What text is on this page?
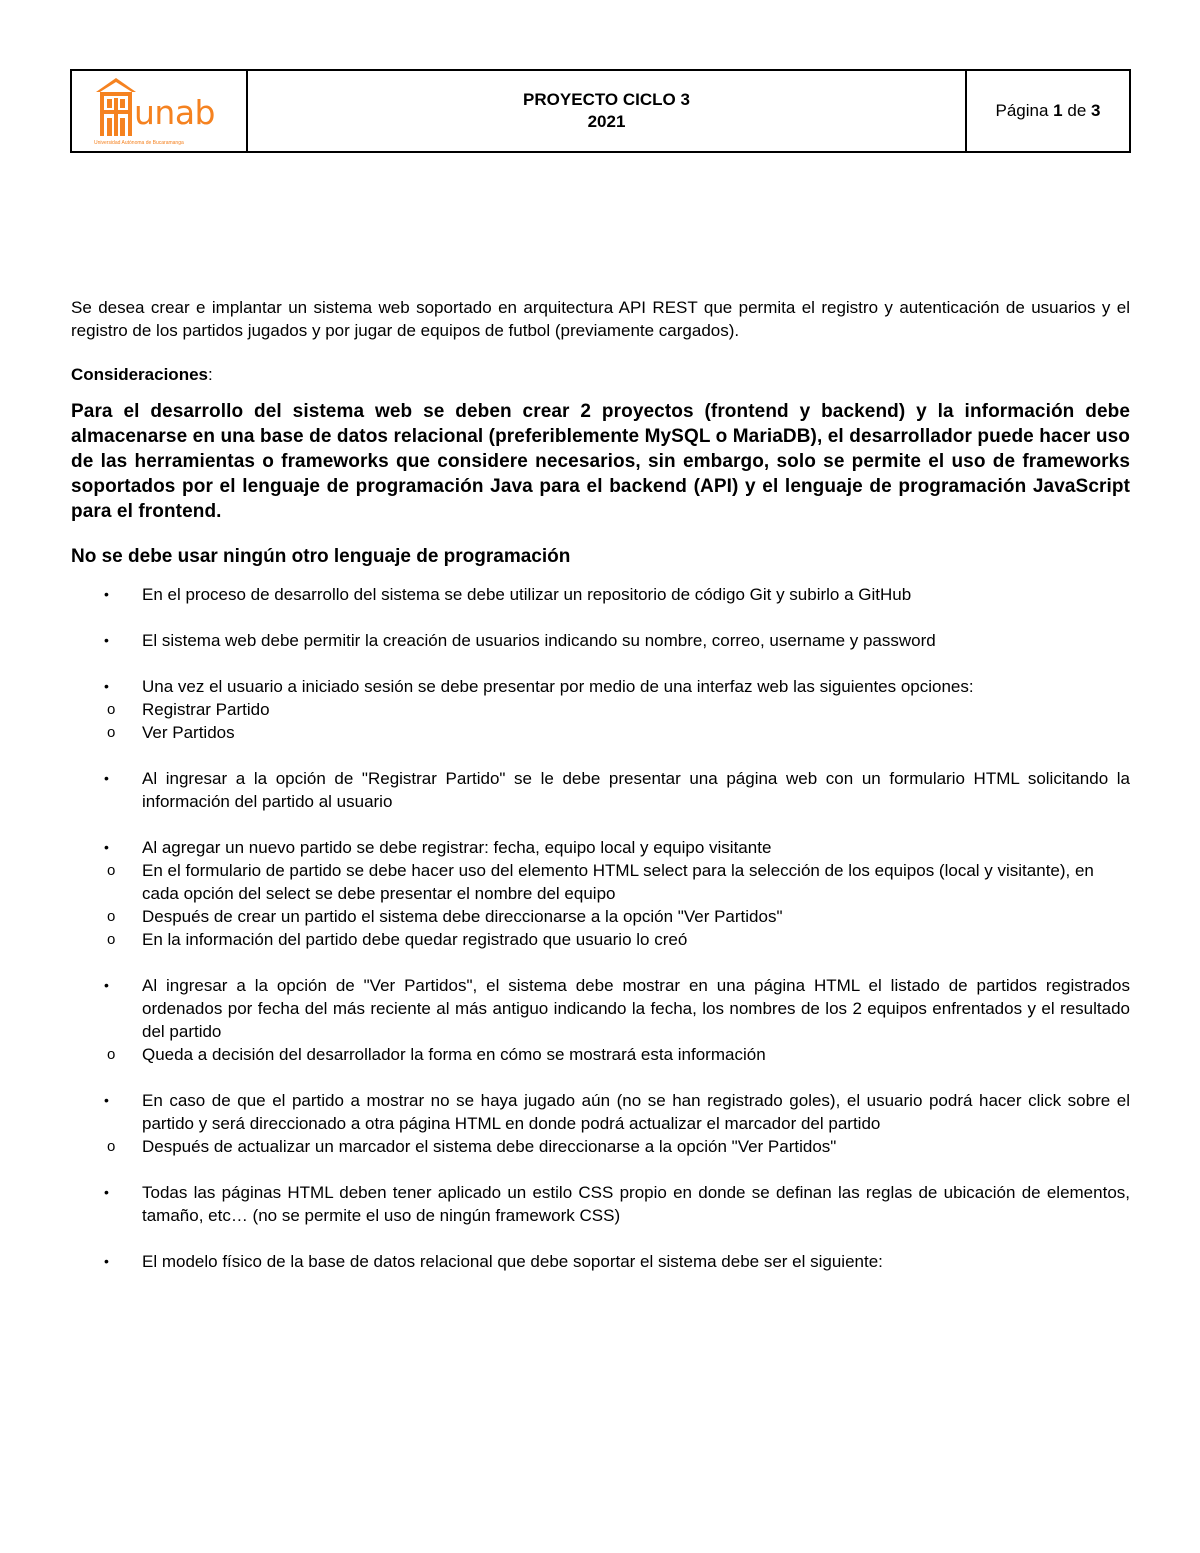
unab
Universidad Autónoma de Bucaramanga

PROYECTO CICLO 3
2021
	Página 1 de 3

Se desea crear e implantar un sistema web soportado en arquitectura API REST que permita el registro y autenticación de usuarios y el registro de los partidos jugados y por jugar de equipos de futbol (previamente cargados).

Consideraciones:

Para el desarrollo del sistema web se deben crear 2 proyectos (frontend y backend) y la información debe almacenarse en una base de datos relacional (preferiblemente MySQL o MariaDB), el desarrollador puede hacer uso de las herramientas o frameworks que considere necesarios, sin embargo, solo se permite el uso de frameworks soportados por el lenguaje de programación Java para el backend (API) y el lenguaje de programación JavaScript para el frontend.

No se debe usar ningún otro lenguaje de programación

• En el proceso de desarrollo del sistema se debe utilizar un repositorio de código Git y subirlo a GitHub
• El sistema web debe permitir la creación de usuarios indicando su nombre, correo, username y password
• Una vez el usuario a iniciado sesión se debe presentar por medio de una interfaz web las siguientes opciones:
o Registrar Partido
o Ver Partidos
• Al ingresar a la opción de "Registrar Partido" se le debe presentar una página web con un formulario HTML solicitando la información del partido al usuario
• Al agregar un nuevo partido se debe registrar: fecha, equipo local y equipo visitante
o En el formulario de partido se debe hacer uso del elemento HTML select para la selección de los equipos (local y visitante), en cada opción del select se debe presentar el nombre del equipo
o Después de crear un partido el sistema debe direccionarse a la opción "Ver Partidos"
o En la información del partido debe quedar registrado que usuario lo creó
• Al ingresar a la opción de "Ver Partidos", el sistema debe mostrar en una página HTML el listado de partidos registrados ordenados por fecha del más reciente al más antiguo indicando la fecha, los nombres de los 2 equipos enfrentados y el resultado del partido
o Queda a decisión del desarrollador la forma en cómo se mostrará esta información
• En caso de que el partido a mostrar no se haya jugado aún (no se han registrado goles), el usuario podrá hacer click sobre el partido y será direccionado a otra página HTML en donde podrá actualizar el marcador del partido
o Después de actualizar un marcador el sistema debe direccionarse a la opción "Ver Partidos"
• Todas las páginas HTML deben tener aplicado un estilo CSS propio en donde se definan las reglas de ubicación de elementos, tamaño, etc… (no se permite el uso de ningún framework CSS)
• El modelo físico de la base de datos relacional que debe soportar el sistema debe ser el siguiente:
